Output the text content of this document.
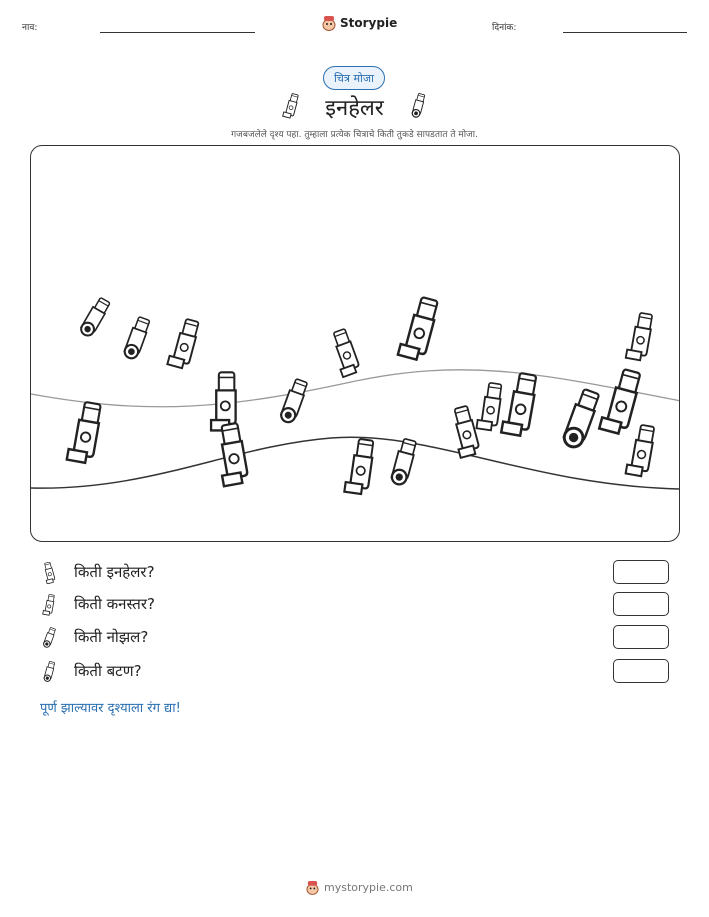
नाव:	Storypie	दिनांक:
चित्र मोजा
इनहेलर
गजबजलेले दृश्य पहा. तुम्हाला प्रत्येक चित्राचे किती तुकडे सापडतात ते मोजा.
किती इनहेलर?
किती कनस्तर?
किती नोझल?
किती बटण?
पूर्ण झाल्यावर दृश्याला रंग द्या!
mystorypie.com
